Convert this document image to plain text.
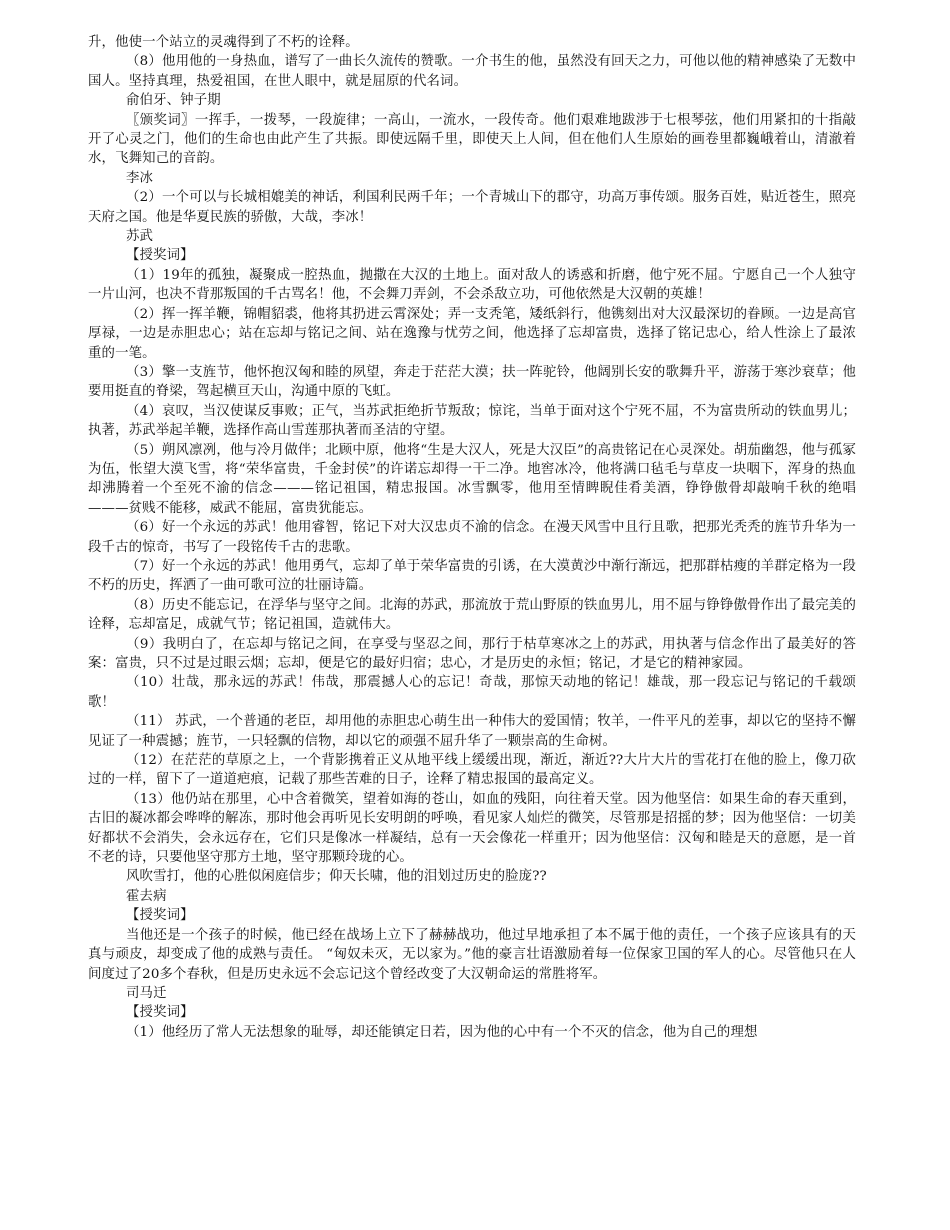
升，他使一个站立的灵魂得到了不朽的诠释。

（8）他用他的一身热血，谱写了一曲长久流传的赞歌。一介书生的他，虽然没有回天之力，可他以他的精神感染了无数中国人。坚持真理，热爱祖国，在世人眼中，就是屈原的代名词。

俞伯牙、钟子期

〖颁奖词〗一挥手，一拨琴，一段旋律；一高山，一流水，一段传奇。他们艰难地跋涉于七根琴弦，他们用紧扣的十指敲开了心灵之门，他们的生命也由此产生了共振。即使远隔千里，即使天上人间，但在他们人生原始的画卷里都巍峨着山，清澈着水，飞舞知己的音韵。

李冰

（2）一个可以与长城相媲美的神话，利国利民两千年；一个青城山下的郡守，功高万事传颂。服务百姓，贴近苍生，照亮天府之国。他是华夏民族的骄傲，大哉，李冰！

苏武

【授奖词】

（1）19年的孤独，凝聚成一腔热血，抛撒在大汉的土地上。面对敌人的诱惑和折磨，他宁死不屈。宁愿自己一个人独守一片山河，也决不背那叛国的千古骂名！他，不会舞刀弄剑，不会杀敌立功，可他依然是大汉朝的英雄！

（2）挥一挥羊鞭，锦帽貂裘，他将其扔进云霄深处；弄一支秃笔，矮纸斜行，他镌刻出对大汉最深切的眷顾。一边是高官厚禄，一边是赤胆忠心；站在忘却与铭记之间、站在逸豫与忧劳之间，他选择了忘却富贵，选择了铭记忠心，给人性涂上了最浓重的一笔。

（3）擎一支旌节，他怀抱汉匈和睦的夙望，奔走于茫茫大漠；扶一阵驼铃，他阔别长安的歌舞升平，游荡于寒沙衰草；他要用挺直的脊梁，驾起横亘天山，沟通中原的飞虹。

（4）哀叹，当汉使谋反事败；正气，当苏武拒绝折节叛敌；惊诧，当单于面对这个宁死不屈，不为富贵所动的铁血男儿；执著，苏武举起羊鞭，选择作高山雪莲那执著而圣洁的守望。

（5）朔风凛冽，他与冷月做伴；北顾中原，他将“生是大汉人，死是大汉臣”的高贵铭记在心灵深处。胡茄幽怨，他与孤冢为伍，怅望大漠飞雪，将“荣华富贵，千金封侯”的许诺忘却得一干二净。地窖冰冷，他将满口毡毛与草皮一块咽下，浑身的热血却沸腾着一个至死不渝的信念———铭记祖国，精忠报国。冰雪飘零，他用至情睥睨佳肴美酒，铮铮傲骨却敲响千秋的绝唱———贫贱不能移，威武不能屈，富贵犹能忘。

（6）好一个永远的苏武！他用睿智，铭记下对大汉忠贞不渝的信念。在漫天风雪中且行且歌，把那光秃秃的旌节升华为一段千古的惊奇，书写了一段铭传千古的悲歌。

（7）好一个永远的苏武！他用勇气，忘却了单于荣华富贵的引诱，在大漠黄沙中渐行渐远，把那群枯瘦的羊群定格为一段不朽的历史，挥洒了一曲可歌可泣的壮丽诗篇。

（8）历史不能忘记，在浮华与坚守之间。北海的苏武，那流放于荒山野原的铁血男儿，用不屈与铮铮傲骨作出了最完美的诠释，忘却富足，成就气节；铭记祖国，造就伟大。

（9）我明白了，在忘却与铭记之间，在享受与坚忍之间，那行于枯草寒冰之上的苏武，用执著与信念作出了最美好的答案：富贵，只不过是过眼云烟；忘却，便是它的最好归宿；忠心，才是历史的永恒；铭记，才是它的精神家园。

（10）壮哉，那永远的苏武！伟哉，那震撼人心的忘记！奇哉，那惊天动地的铭记！雄哉，那一段忘记与铭记的千载颂歌！

（11） 苏武，一个普通的老臣，却用他的赤胆忠心萌生出一种伟大的爱国情；牧羊，一件平凡的差事，却以它的坚持不懈见证了一种震撼；旌节，一只轻飘的信物，却以它的顽强不屈升华了一颗崇高的生命树。

（12）在茫茫的草原之上，一个背影携着正义从地平线上缓缓出现，渐近，渐近??大片大片的雪花打在他的脸上，像刀砍过的一样，留下了一道道疤痕，记载了那些苦难的日子，诠释了精忠报国的最高定义。

（13）他仍站在那里，心中含着微笑，望着如海的苍山，如血的残阳，向往着天堂。因为他坚信：如果生命的春天重到，古旧的凝冰都会哗哗的解冻，那时他会再听见长安明朗的呼唤，看见家人灿烂的微笑，尽管那是招摇的梦；因为他坚信：一切美好都状不会消失，会永远存在，它们只是像冰一样凝结，总有一天会像花一样重开；因为他坚信：汉匈和睦是天的意愿，是一首不老的诗，只要他坚守那方土地，坚守那颗玲珑的心。

风吹雪打，他的心胜似闲庭信步；仰天长啸，他的泪划过历史的脸庞??

霍去病

【授奖词】

当他还是一个孩子的时候，他已经在战场上立下了赫赫战功，他过早地承担了本不属于他的责任，一个孩子应该具有的天真与顽皮，却变成了他的成熟与责任。 “匈奴未灭，无以家为。”他的豪言壮语激励着每一位保家卫国的军人的心。尽管他只在人间度过了20多个春秋，但是历史永远不会忘记这个曾经改变了大汉朝命运的常胜将军。

司马迁

【授奖词】

（1）他经历了常人无法想象的耻辱，却还能镇定日若，因为他的心中有一个不灭的信念，他为自己的理想
